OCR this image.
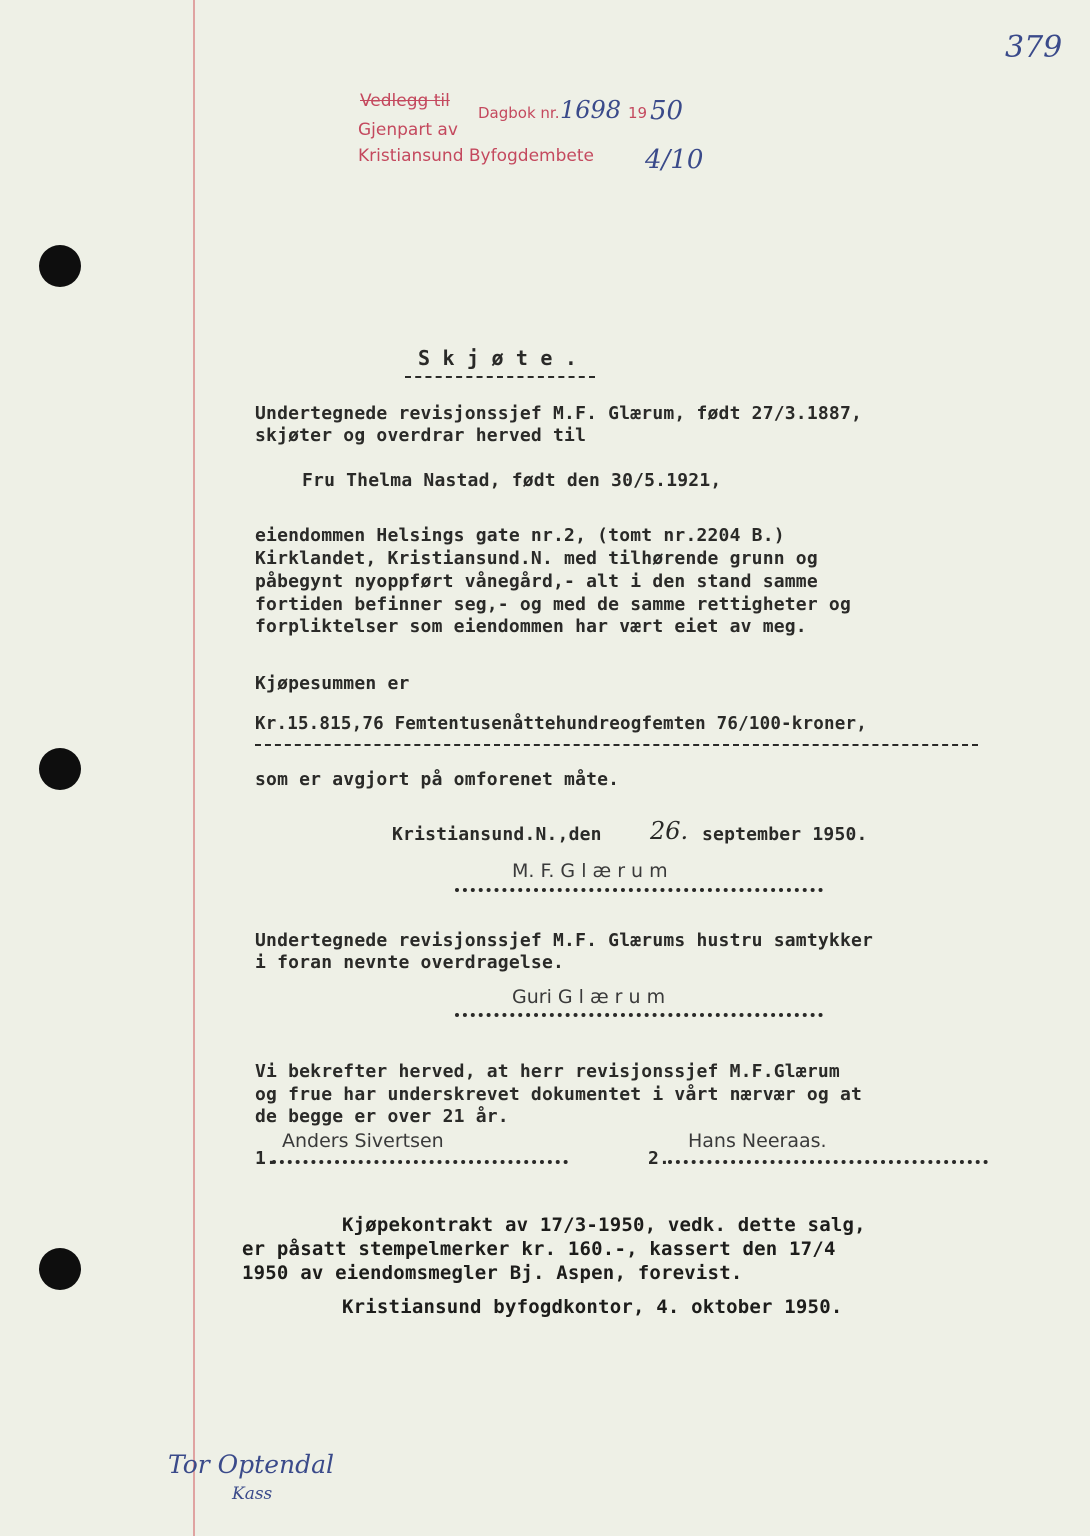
379
Vedlegg til
Dagbok nr. 1698 19 50
Gjenpart av
Kristiansund Byfogdembete 4/10
S k j ø t e .
Undertegnede revisjonssjef M.F. Glærum, født 27/3.1887,
skjøter og overdrar herved til
Fru Thelma Nastad, født den 30/5.1921,
eiendommen Helsings gate nr.2, (tomt nr.2204 B.)
Kirklandet, Kristiansund.N. med tilhørende grunn og
påbegynt nyoppført vånegård,- alt i den stand samme
fortiden befinner seg,- og med de samme rettigheter og
forpliktelser som eiendommen har vært eiet av meg.
Kjøpesummen er
Kr.15.815,76 Femtentusenåttehundreogfemten 76/100-kroner,
som er avgjort på omforenet måte.
Kristiansund.N.,den 26. september 1950.
M. F. G l æ r u m
Undertegnede revisjonssjef M.F. Glærums hustru samtykker
i foran nevnte overdragelse.
Guri G l æ r u m
Vi bekrefter herved, at herr revisjonssjef M.F.Glærum
og frue har underskrevet dokumentet i vårt nærvær og at
de begge er over 21 år.
Anders Sivertsen
1.
Hans Neeraas.
2.
Kjøpekontrakt av 17/3-1950, vedk. dette salg,
er påsatt stempelmerker kr. 160.-, kassert den 17/4
1950 av eiendomsmegler Bj. Aspen, forevist.
Kristiansund byfogdkontor, 4. oktober 1950.
Tor Optendal
Kass
